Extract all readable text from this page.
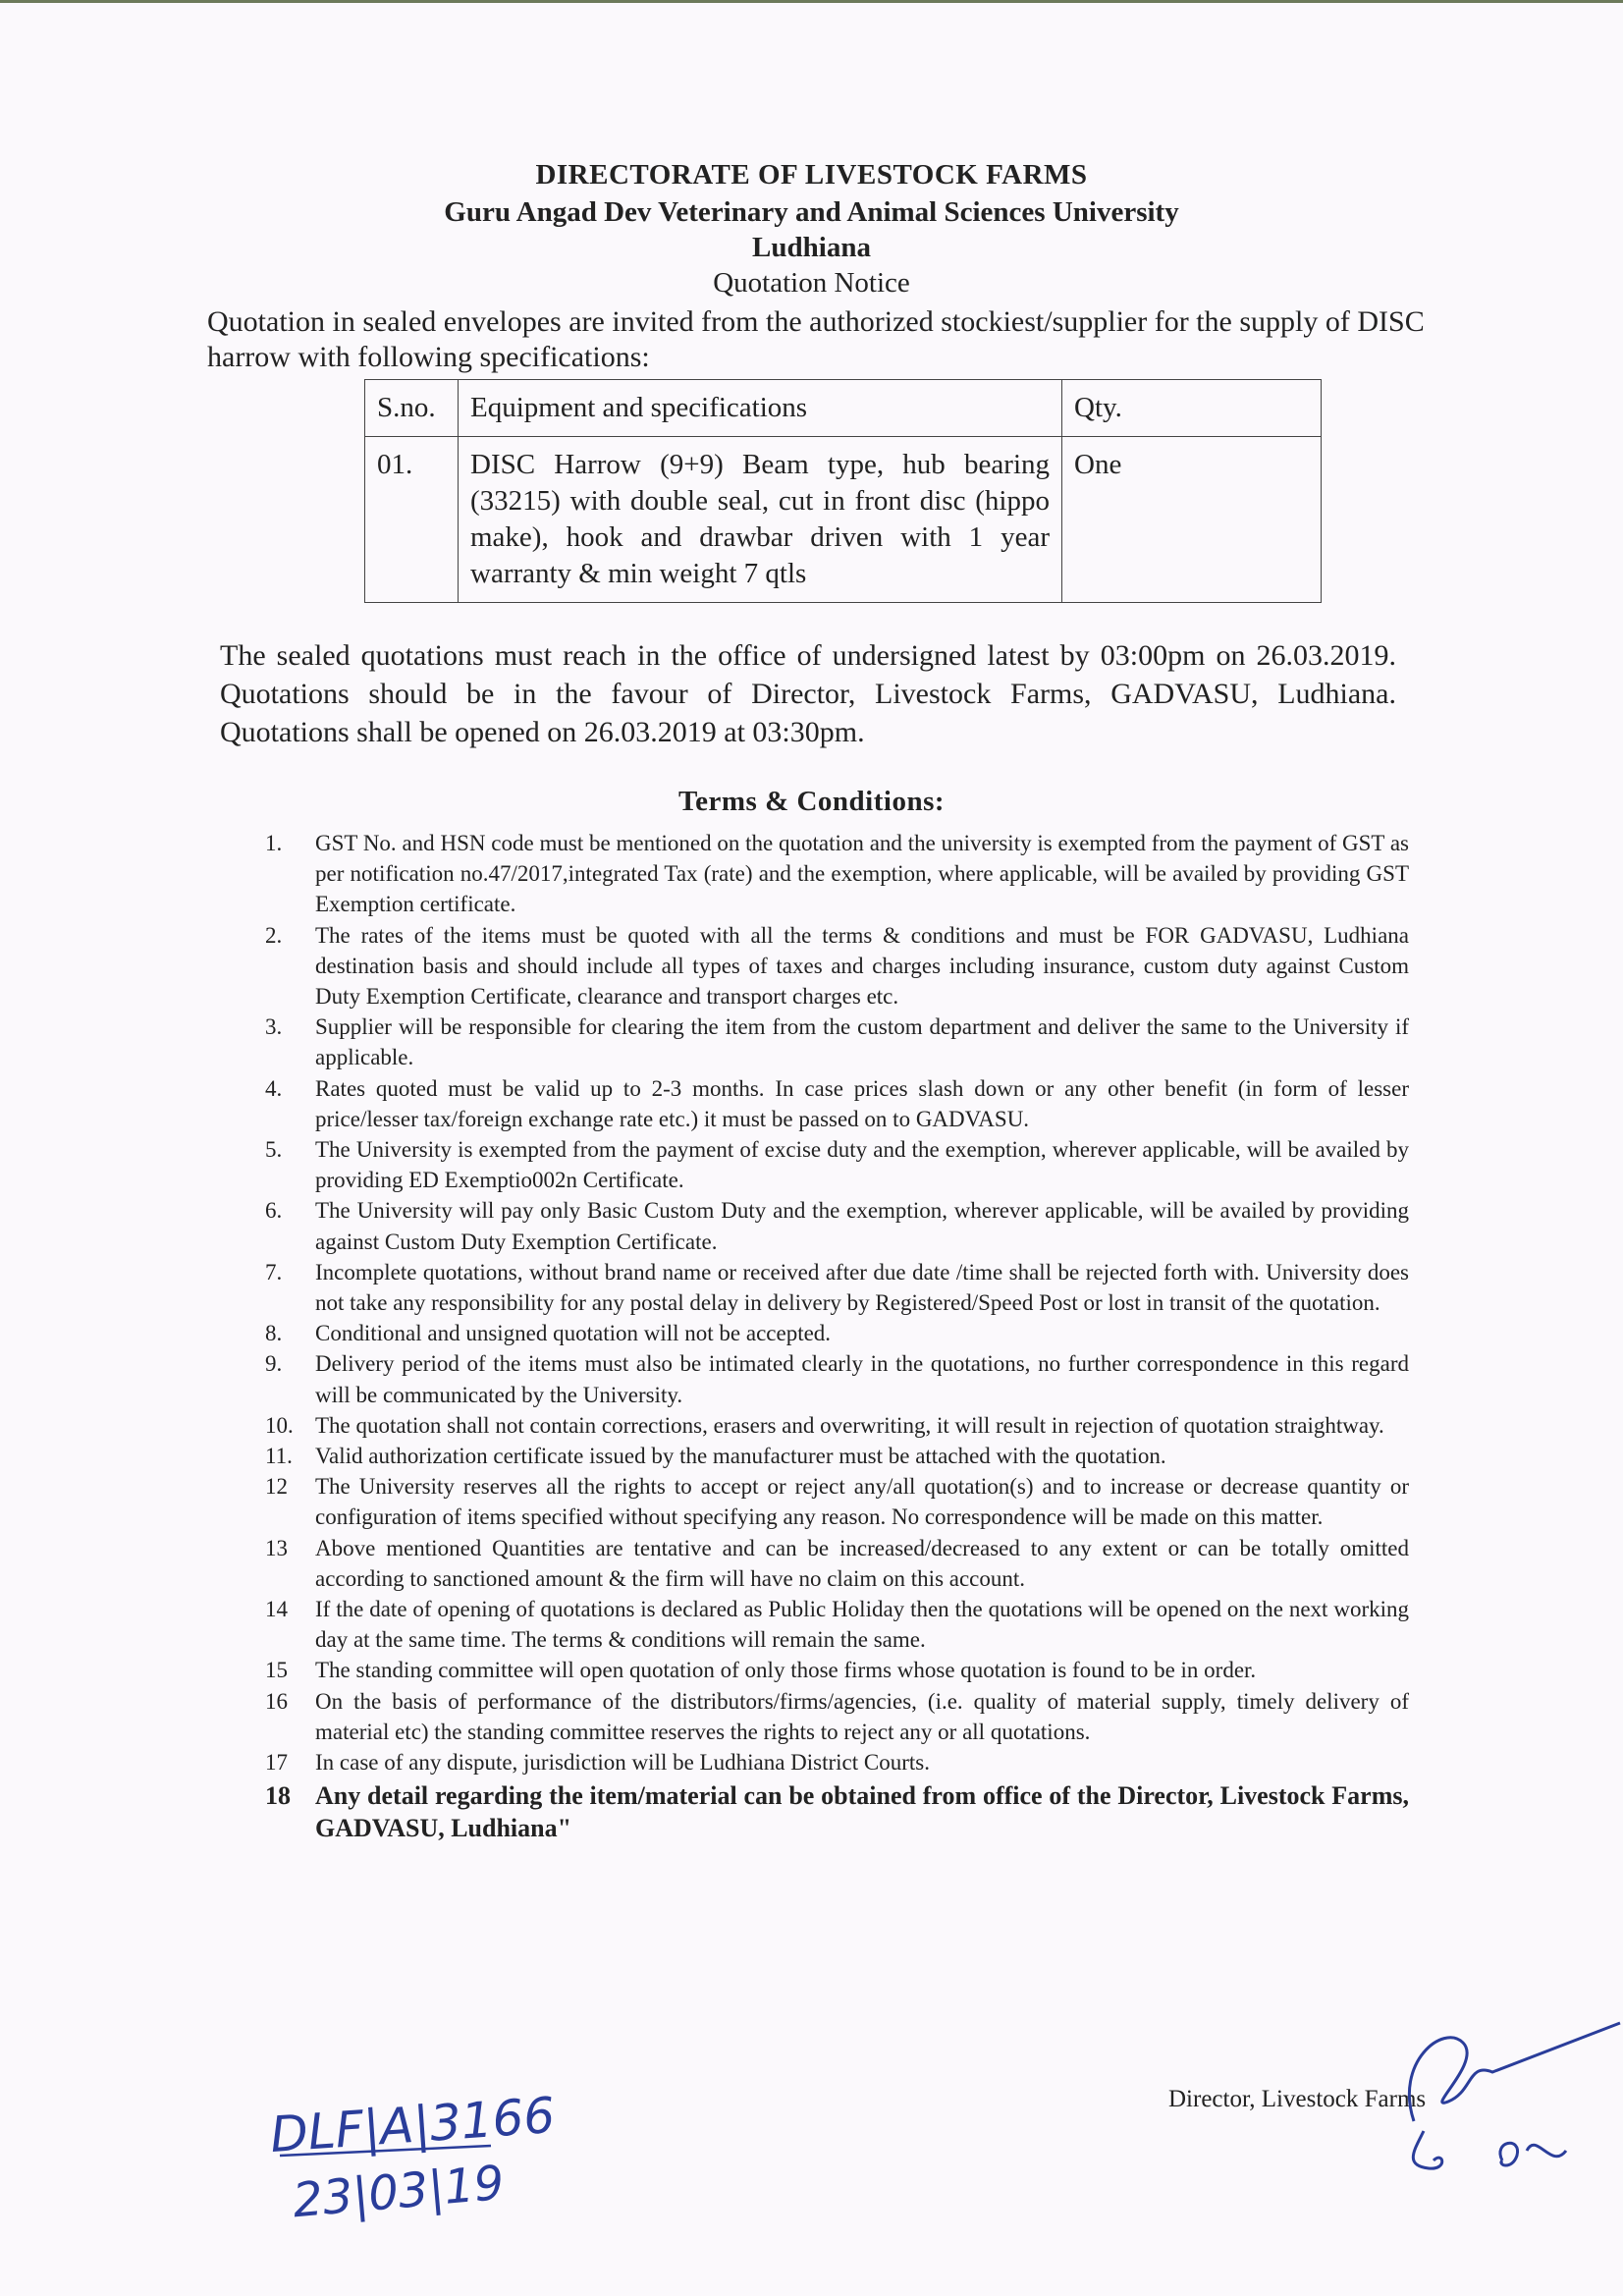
DIRECTORATE OF LIVESTOCK FARMS
Guru Angad Dev Veterinary and Animal Sciences University
Ludhiana
Quotation Notice
Quotation in sealed envelopes are invited from the authorized stockiest/supplier for the supply of DISC harrow with following specifications:
S.no.	Equipment and specifications	Qty.
01.	DISC Harrow (9+9) Beam type, hub bearing (33215) with double seal, cut in front disc (hippo make), hook and drawbar driven with 1 year warranty & min weight 7 qtls	One
The sealed quotations must reach in the office of undersigned latest by 03:00pm on 26.03.2019. Quotations should be in the favour of Director, Livestock Farms, GADVASU, Ludhiana. Quotations shall be opened on 26.03.2019 at 03:30pm.
Terms & Conditions:
1.	GST No. and HSN code must be mentioned on the quotation and the university is exempted from the payment of GST as per notification no.47/2017,integrated Tax (rate) and the exemption, where applicable, will be availed by providing GST Exemption certificate.
2.	The rates of the items must be quoted with all the terms & conditions and must be FOR GADVASU, Ludhiana destination basis and should include all types of taxes and charges including insurance, custom duty against Custom Duty Exemption Certificate, clearance and transport charges etc.
3.	Supplier will be responsible for clearing the item from the custom department and deliver the same to the University if applicable.
4.	Rates quoted must be valid up to 2-3 months. In case prices slash down or any other benefit (in form of lesser price/lesser tax/foreign exchange rate etc.) it must be passed on to GADVASU.
5.	The University is exempted from the payment of excise duty and the exemption, wherever applicable, will be availed by providing ED Exemptio002n Certificate.
6.	The University will pay only Basic Custom Duty and the exemption, wherever applicable, will be availed by providing against Custom Duty Exemption Certificate.
7.	Incomplete quotations, without brand name or received after due date /time shall be rejected forth with. University does not take any responsibility for any postal delay in delivery by Registered/Speed Post or lost in transit of the quotation.
8.	Conditional and unsigned quotation will not be accepted.
9.	Delivery period of the items must also be intimated clearly in the quotations, no further correspondence in this regard will be communicated by the University.
10. The quotation shall not contain corrections, erasers and overwriting, it will result in rejection of quotation straightway.
11.	Valid authorization certificate issued by the manufacturer must be attached with the quotation.
12	The University reserves all the rights to accept or reject any/all quotation(s) and to increase or decrease quantity or configuration of items specified without specifying any reason. No correspondence will be made on this matter.
13	Above mentioned Quantities are tentative and can be increased/decreased to any extent or can be totally omitted according to sanctioned amount & the firm will have no claim on this account.
14	If the date of opening of quotations is declared as Public Holiday then the quotations will be opened on the next working day at the same time. The terms & conditions will remain the same.
15	The standing committee will open quotation of only those firms whose quotation is found to be in order.
16	On the basis of performance of the distributors/firms/agencies, (i.e. quality of material supply, timely delivery of material etc) the standing committee reserves the rights to reject any or all quotations.
17	In case of any dispute, jurisdiction will be Ludhiana District Courts.
18 Any detail regarding the item/material can be obtained from office of the Director, Livestock Farms, GADVASU, Ludhiana"
Director, Livestock Farms
DLF|A|3166
23|03|19
